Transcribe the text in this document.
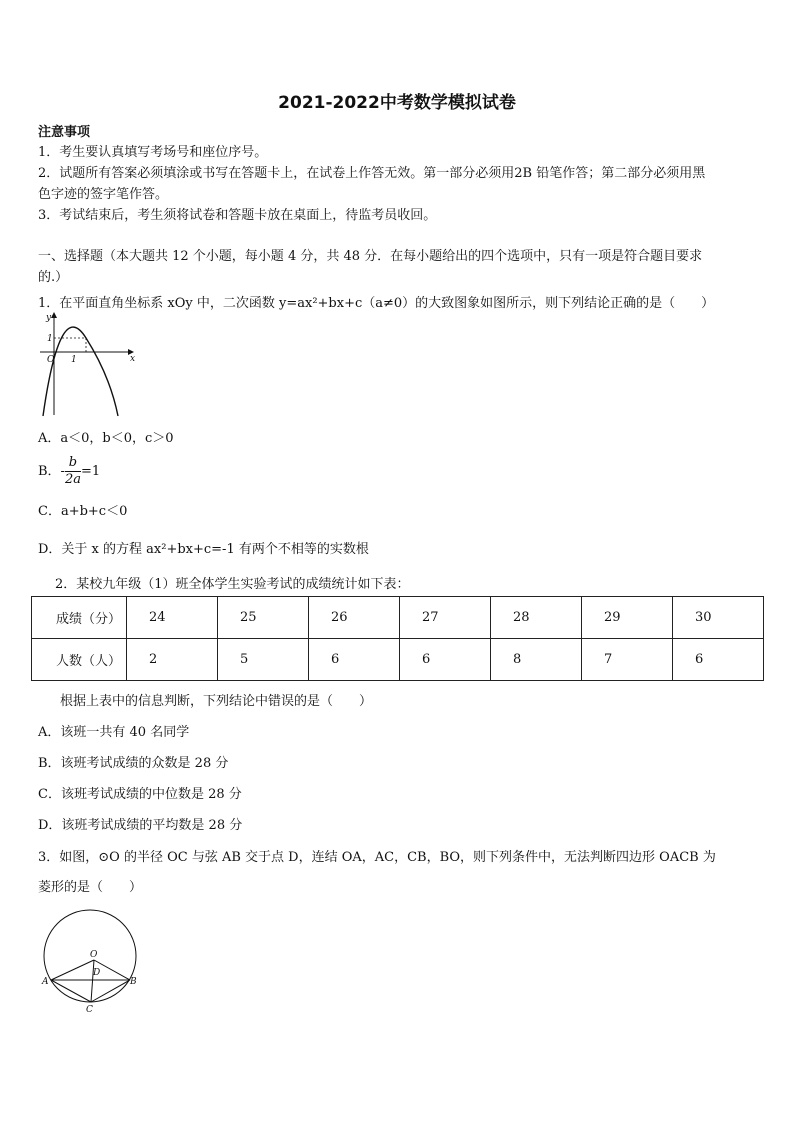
2021-2022中考数学模拟试卷
注意事项
1．考生要认真填写考场号和座位序号。
2．试题所有答案必须填涂或书写在答题卡上，在试卷上作答无效。第一部分必须用2B 铅笔作答；第二部分必须用黑
色字迹的签字笔作答。
3．考试结束后，考生须将试卷和答题卡放在桌面上，待监考员收回。
一、选择题（本大题共 12 个小题，每小题 4 分，共 48 分．在每小题给出的四个选项中，只有一项是符合题目要求
的.）
1．在平面直角坐标系 xOy 中，二次函数 y=ax²+bx+c（a≠0）的大致图象如图所示，则下列结论正确的是（　　）
y
x
O
1
1
A．a＜0，b＜0，c＞0
B．- $\frac{b}{2a} =1$
C．a+b+c＜0
D．关于 x 的方程 ax²+bx+c=-1 有两个不相等的实数根
2．某校九年级（1）班全体学生实验考试的成绩统计如下表：
成绩（分）	24	25	26	27	28	29	30
人数（人）	2	5	6	6	8	7	6
根据上表中的信息判断，下列结论中错误的是（　　）
A．该班一共有 40 名同学
B．该班考试成绩的众数是 28 分
C．该班考试成绩的中位数是 28 分
D．该班考试成绩的平均数是 28 分
3．如图，⊙O 的半径 OC 与弦 AB 交于点 D，连结 OA，AC，CB，BO，则下列条件中，无法判断四边形 OACB 为
菱形的是（　　）
O
D
A	B
C
